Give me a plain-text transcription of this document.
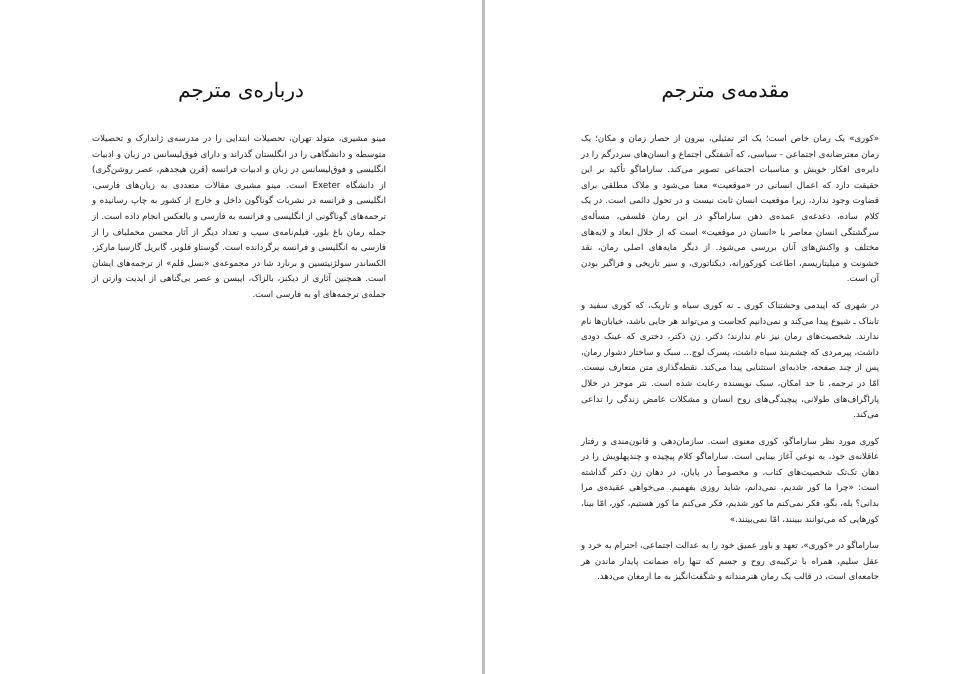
درباره‌ی مترجم

مینو مشیری، متولد تهران، تحصیلات ابتدایی را در مدرسه‌ی ژاندارک و تحصیلات متوسطه و دانشگاهی را در انگلستان گذراند و دارای فوق‌لیسانس در زبان و ادبیات انگلیسی و فوق‌لیسانس در زبان و ادبیات فرانسه (قرن هیجدهم، عصر روشن‌گری) از دانشگاه Exeter است. مینو مشیری مقالات متعددی به زبان‌های فارسی، انگلیسی و فرانسه در نشریات گوناگون داخل و خارج از کشور به چاپ رسانیده و ترجمه‌های گوناگونی از انگلیسی و فرانسه به فارسی و بالعکس انجام داده است. از جمله رمان باغ بلور، فیلم‌نامه‌ی سیب و تعداد دیگر از آثار محسن مخملباف را از فارسی به انگلیسی و فرانسه برگردانده است. گوستاو فلوبر، گابریل گارسیا مارکز، الکساندر سولژنیتسین و برنارد شا در مجموعه‌ی «نسل قلم» از ترجمه‌های ایشان است. همچنین آثاری از دیکنز، بالزاک، ایبسن و عصر بی‌گناهی از ایدیت وارتن از جمله‌ی ترجمه‌های او به فارسی است.

مقدمه‌ی مترجم

«کوری» یک رمان خاص است؛ یک اثر تمثیلی، بیرون از حصار زمان و مکان؛ یک رمان معترضانه‌ی اجتماعی - سیاسی، که آشفتگی اجتماع و انسان‌های سردرگم را در دایره‌ی افکار خویش و مناسبات اجتماعی تصویر می‌کند. ساراماگو تأکید بر این حقیقت دارد که اعمال انسانی در «موقعیت» معنا می‌شود و ملاک مطلقی برای قضاوت وجود ندارد، زیرا موقعیت انسان ثابت نیست و در تحول دائمی است. در یک کلام ساده، دغدغه‌ی عمده‌ی ذهن ساراماگو در این رمان فلسفی، مسأله‌ی سرگشتگی انسان معاصر یا «انسان در موقعیت» است که از خلال ابعاد و لایه‌های مختلف و واکنش‌های آنان بررسی می‌شود. از دیگر مایه‌های اصلی رمان، نقد خشونت و میلیتاریسم، اطاعت کورکورانه، دیکتاتوری، و سیر تاریخی و فراگیر بودن آن است.

در شهری که اپیدمی وحشتناک کوری ـ نه کوری سیاه و تاریک، که کوری سفید و تابناک ـ شیوع پیدا می‌کند و نمی‌دانیم کجاست و می‌تواند هر جایی باشد، خیابان‌ها نام ندارند. شخصیت‌های رمان نیز نام ندارند؛ دکتر، زن دکتر، دختری که عینک دودی داشت، پیرمردی که چشم‌بند سیاه داشت، پسرک لوچ... سبک و ساختار دشوار رمان، پس از چند صفحه، جاذبه‌ای استثنایی پیدا می‌کند. نقطه‌گذاری متن متعارف نیست. امّا در ترجمه، تا حد امکان، سبک نویسنده رعایت شده است. نثر موجز در خلال پاراگراف‌های طولانی، پیچیدگی‌های روح انسان و مشکلات عامض زندگی را تداعی می‌کند.

کوری مورد نظر ساراماگو، کوری معنوی است. سازمان‌دهی و قانون‌مندی و رفتار عاقلانه‌ی خود، به نوعی آغاز بینایی است. ساراماگو کلام پیچیده و چندپهلویش را در دهان تک‌تک شخصیت‌های کتاب، و مخصوصاً در پایان، در دهان زن دکتر گذاشته است: «چرا ما کور شدیم، نمی‌دانم، شاید روزی بفهمیم. می‌خواهی عقیده‌ی مرا بدانی؟ بله، بگو، فکر نمی‌کنم ما کور شدیم، فکر می‌کنم ما کور هستیم، کور، امّا بینا، کورهایی که می‌توانند ببینند، امّا نمی‌بینند.»

ساراماگو در «کوری»، تعهد و باور عمیق خود را به عدالت اجتماعی، احترام به خرد و عقل سلیم، همراه با ترکیبه‌ی روح و جسم که تنها راه ضمانت پایدار ماندن هر جامعه‌ای است، در قالب یک رمان هنرمندانه و شگفت‌انگیز به ما ارمغان می‌دهد.
